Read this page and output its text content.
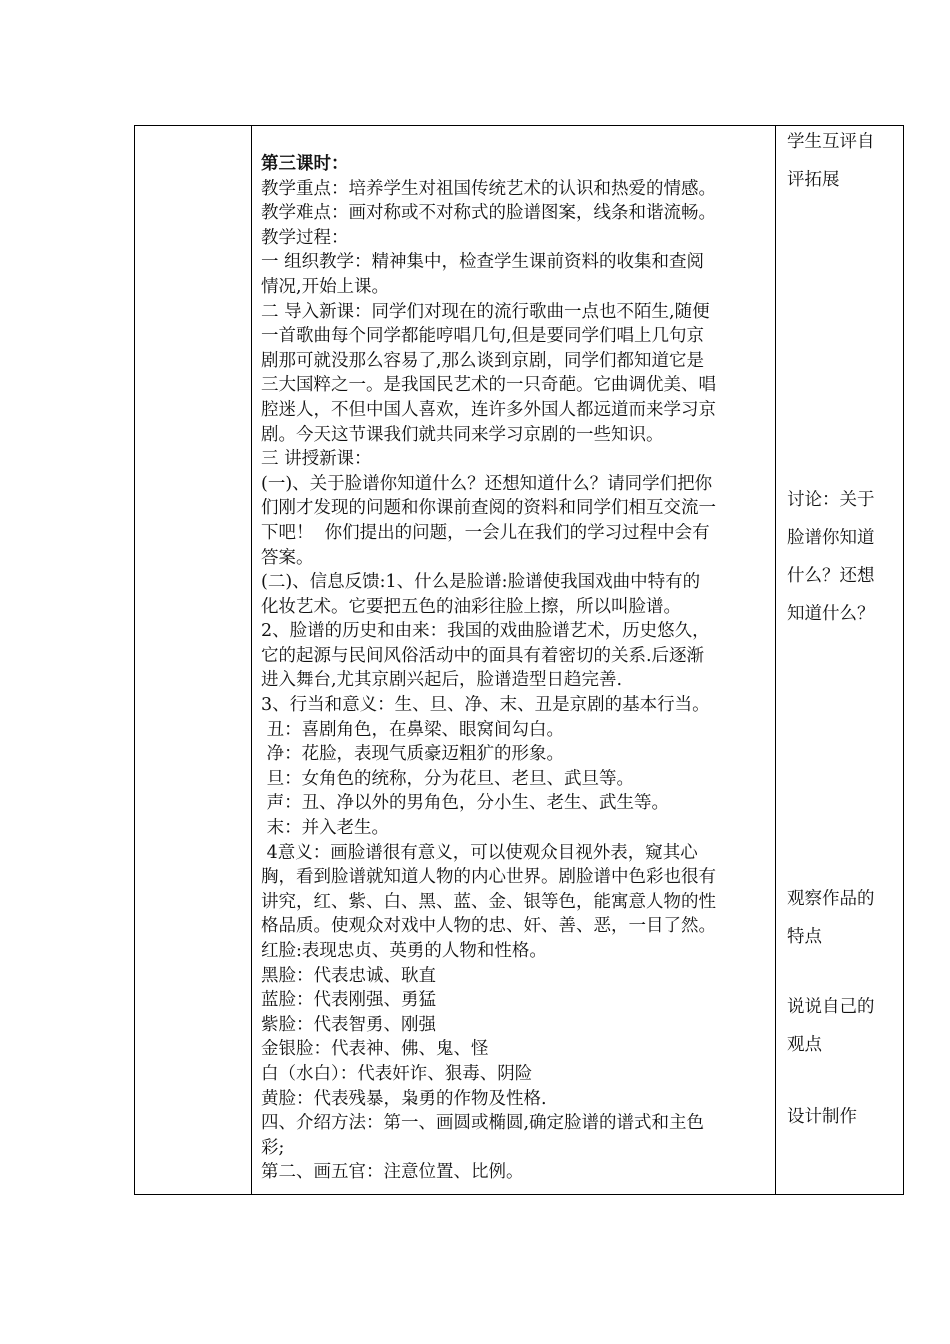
第三课时：
教学重点：培养学生对祖国传统艺术的认识和热爱的情感。
教学难点：画对称或不对称式的脸谱图案，线条和谐流畅。
教学过程：
一 组织教学：精神集中，检查学生课前资料的收集和查阅
情况,开始上课。
二 导入新课：同学们对现在的流行歌曲一点也不陌生,随便
一首歌曲每个同学都能哼唱几句,但是要同学们唱上几句京
剧那可就没那么容易了,那么谈到京剧，同学们都知道它是
三大国粹之一。是我国民艺术的一只奇葩。它曲调优美、唱
腔迷人，不但中国人喜欢，连许多外国人都远道而来学习京
剧。今天这节课我们就共同来学习京剧的一些知识。
三 讲授新课：
(一)、关于脸谱你知道什么？还想知道什么？请同学们把你
们刚才发现的问题和你课前查阅的资料和同学们相互交流一
下吧！  你们提出的问题，一会儿在我们的学习过程中会有
答案。
(二)、信息反馈:1、什么是脸谱:脸谱使我国戏曲中特有的
化妆艺术。它要把五色的油彩往脸上擦，所以叫脸谱。
2、脸谱的历史和由来：我国的戏曲脸谱艺术，历史悠久，
它的起源与民间风俗活动中的面具有着密切的关系.后逐渐
进入舞台,尤其京剧兴起后，脸谱造型日趋完善.
3、行当和意义：生、旦、净、末、丑是京剧的基本行当。
丑：喜剧角色，在鼻梁、眼窝间勾白。
净：花脸，表现气质豪迈粗犷的形象。
旦：女角色的统称，分为花旦、老旦、武旦等。
声：丑、净以外的男角色，分小生、老生、武生等。
末：并入老生。
4意义：画脸谱很有意义，可以使观众目视外表，窥其心
胸，看到脸谱就知道人物的内心世界。剧脸谱中色彩也很有
讲究，红、紫、白、黑、蓝、金、银等色，能寓意人物的性
格品质。使观众对戏中人物的忠、奸、善、恶，一目了然。
红脸:表现忠贞、英勇的人物和性格。
黑脸：代表忠诚、耿直
蓝脸：代表刚强、勇猛
紫脸：代表智勇、刚强
金银脸：代表神、佛、鬼、怪
白（水白）：代表奸诈、狠毒、阴险
黄脸：代表残暴，枭勇的作物及性格.
四、介绍方法：第一、画圆或椭圆,确定脸谱的谱式和主色
彩;
第二、画五官：注意位置、比例。
学生互评自
评拓展
讨论：关于
脸谱你知道
什么？还想
知道什么？
观察作品的
特点
说说自己的
观点
设计制作
